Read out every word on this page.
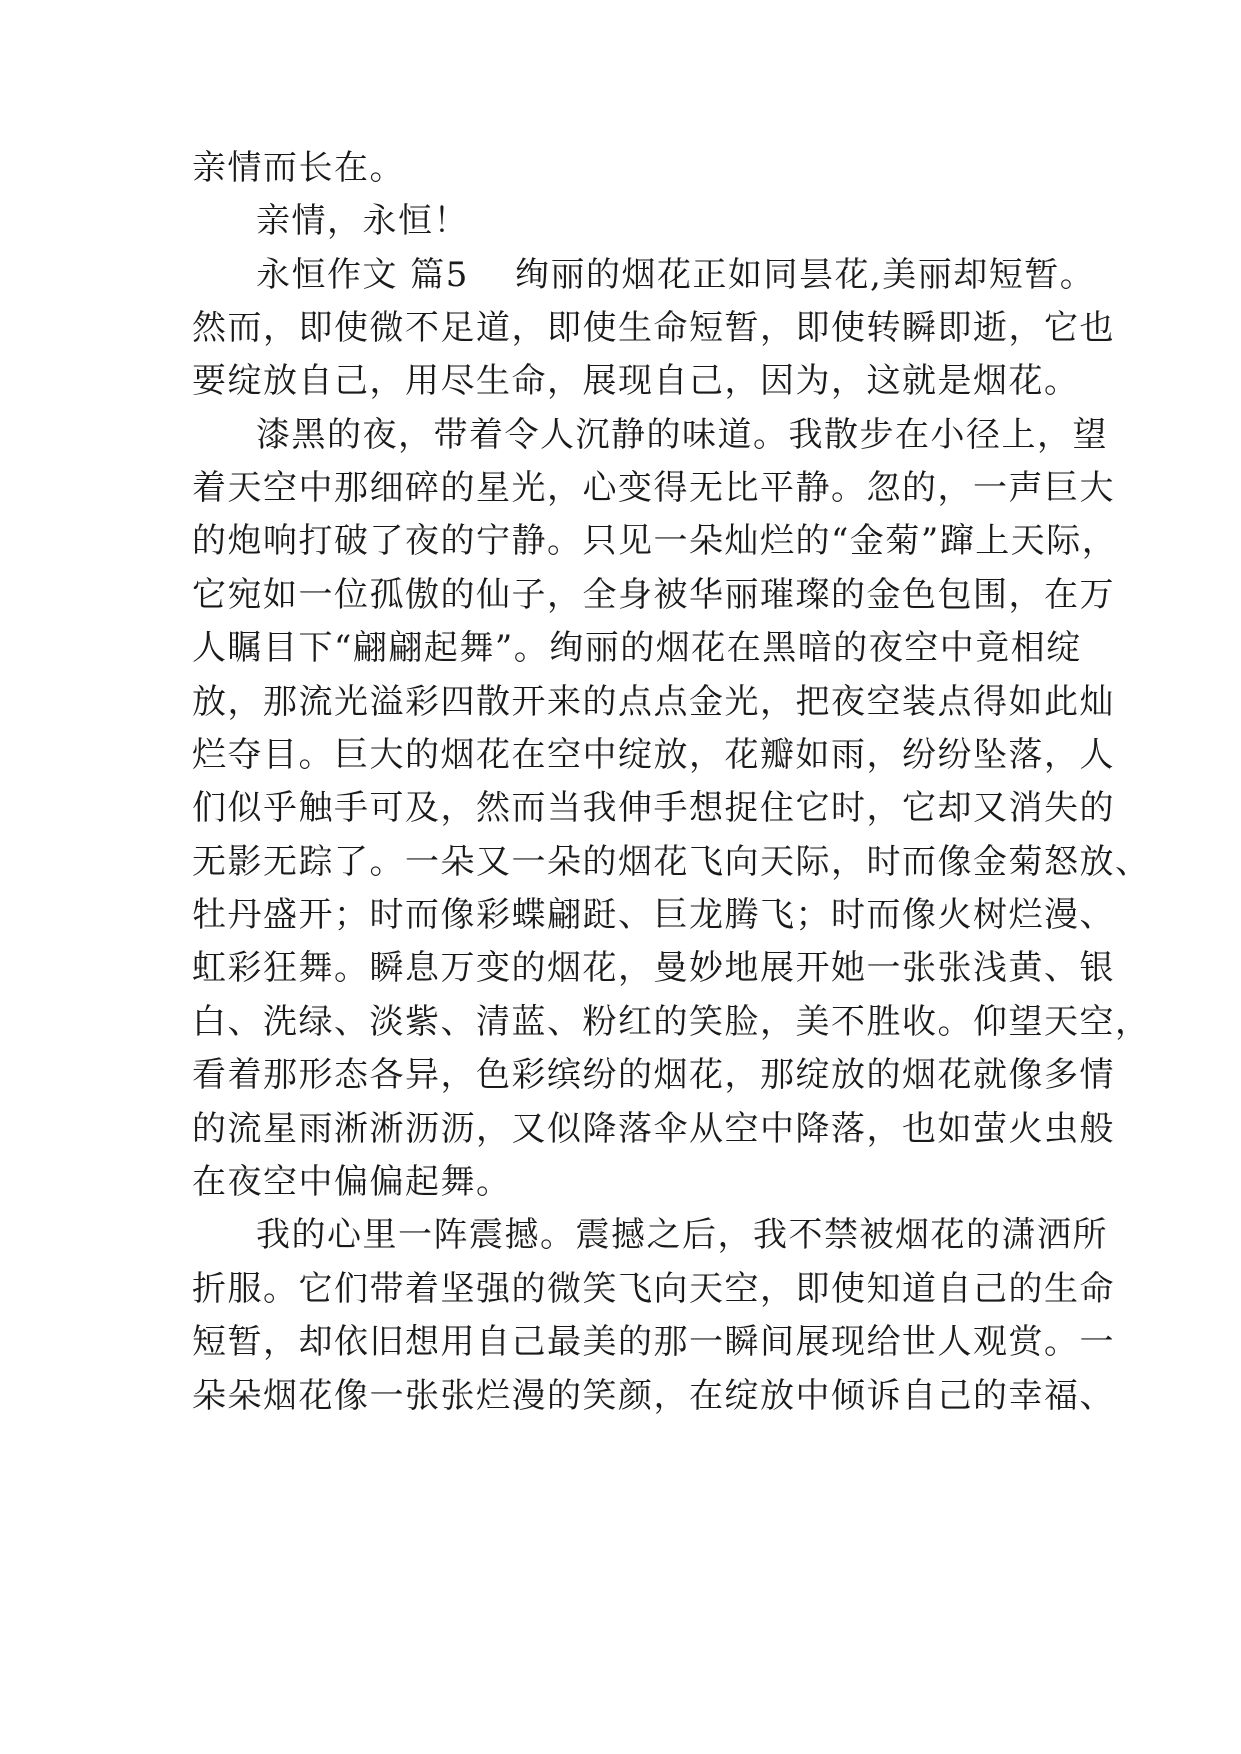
亲情而长在。
亲情，永恒！
永恒作文 篇5 绚丽的烟花正如同昙花,美丽却短暂。
然而，即使微不足道，即使生命短暂，即使转瞬即逝，它也
要绽放自己，用尽生命，展现自己，因为，这就是烟花。
漆黑的夜，带着令人沉静的味道。我散步在小径上，望
着天空中那细碎的星光，心变得无比平静。忽的，一声巨大
的炮响打破了夜的宁静。只见一朵灿烂的“金菊”蹿上天际，
它宛如一位孤傲的仙子，全身被华丽璀璨的金色包围，在万
人瞩目下“翩翩起舞”。绚丽的烟花在黑暗的夜空中竟相绽
放，那流光溢彩四散开来的点点金光，把夜空装点得如此灿
烂夺目。巨大的烟花在空中绽放，花瓣如雨，纷纷坠落，人
们似乎触手可及，然而当我伸手想捉住它时，它却又消失的
无影无踪了。一朵又一朵的烟花飞向天际，时而像金菊怒放、
牡丹盛开；时而像彩蝶翩跹、巨龙腾飞；时而像火树烂漫、
虹彩狂舞。瞬息万变的烟花，曼妙地展开她一张张浅黄、银
白、洗绿、淡紫、清蓝、粉红的笑脸，美不胜收。仰望天空，
看着那形态各异，色彩缤纷的烟花，那绽放的烟花就像多情
的流星雨淅淅沥沥，又似降落伞从空中降落，也如萤火虫般
在夜空中偏偏起舞。
我的心里一阵震撼。震撼之后，我不禁被烟花的潇洒所
折服。它们带着坚强的微笑飞向天空，即使知道自己的生命
短暂，却依旧想用自己最美的那一瞬间展现给世人观赏。一
朵朵烟花像一张张烂漫的笑颜，在绽放中倾诉自己的幸福、
